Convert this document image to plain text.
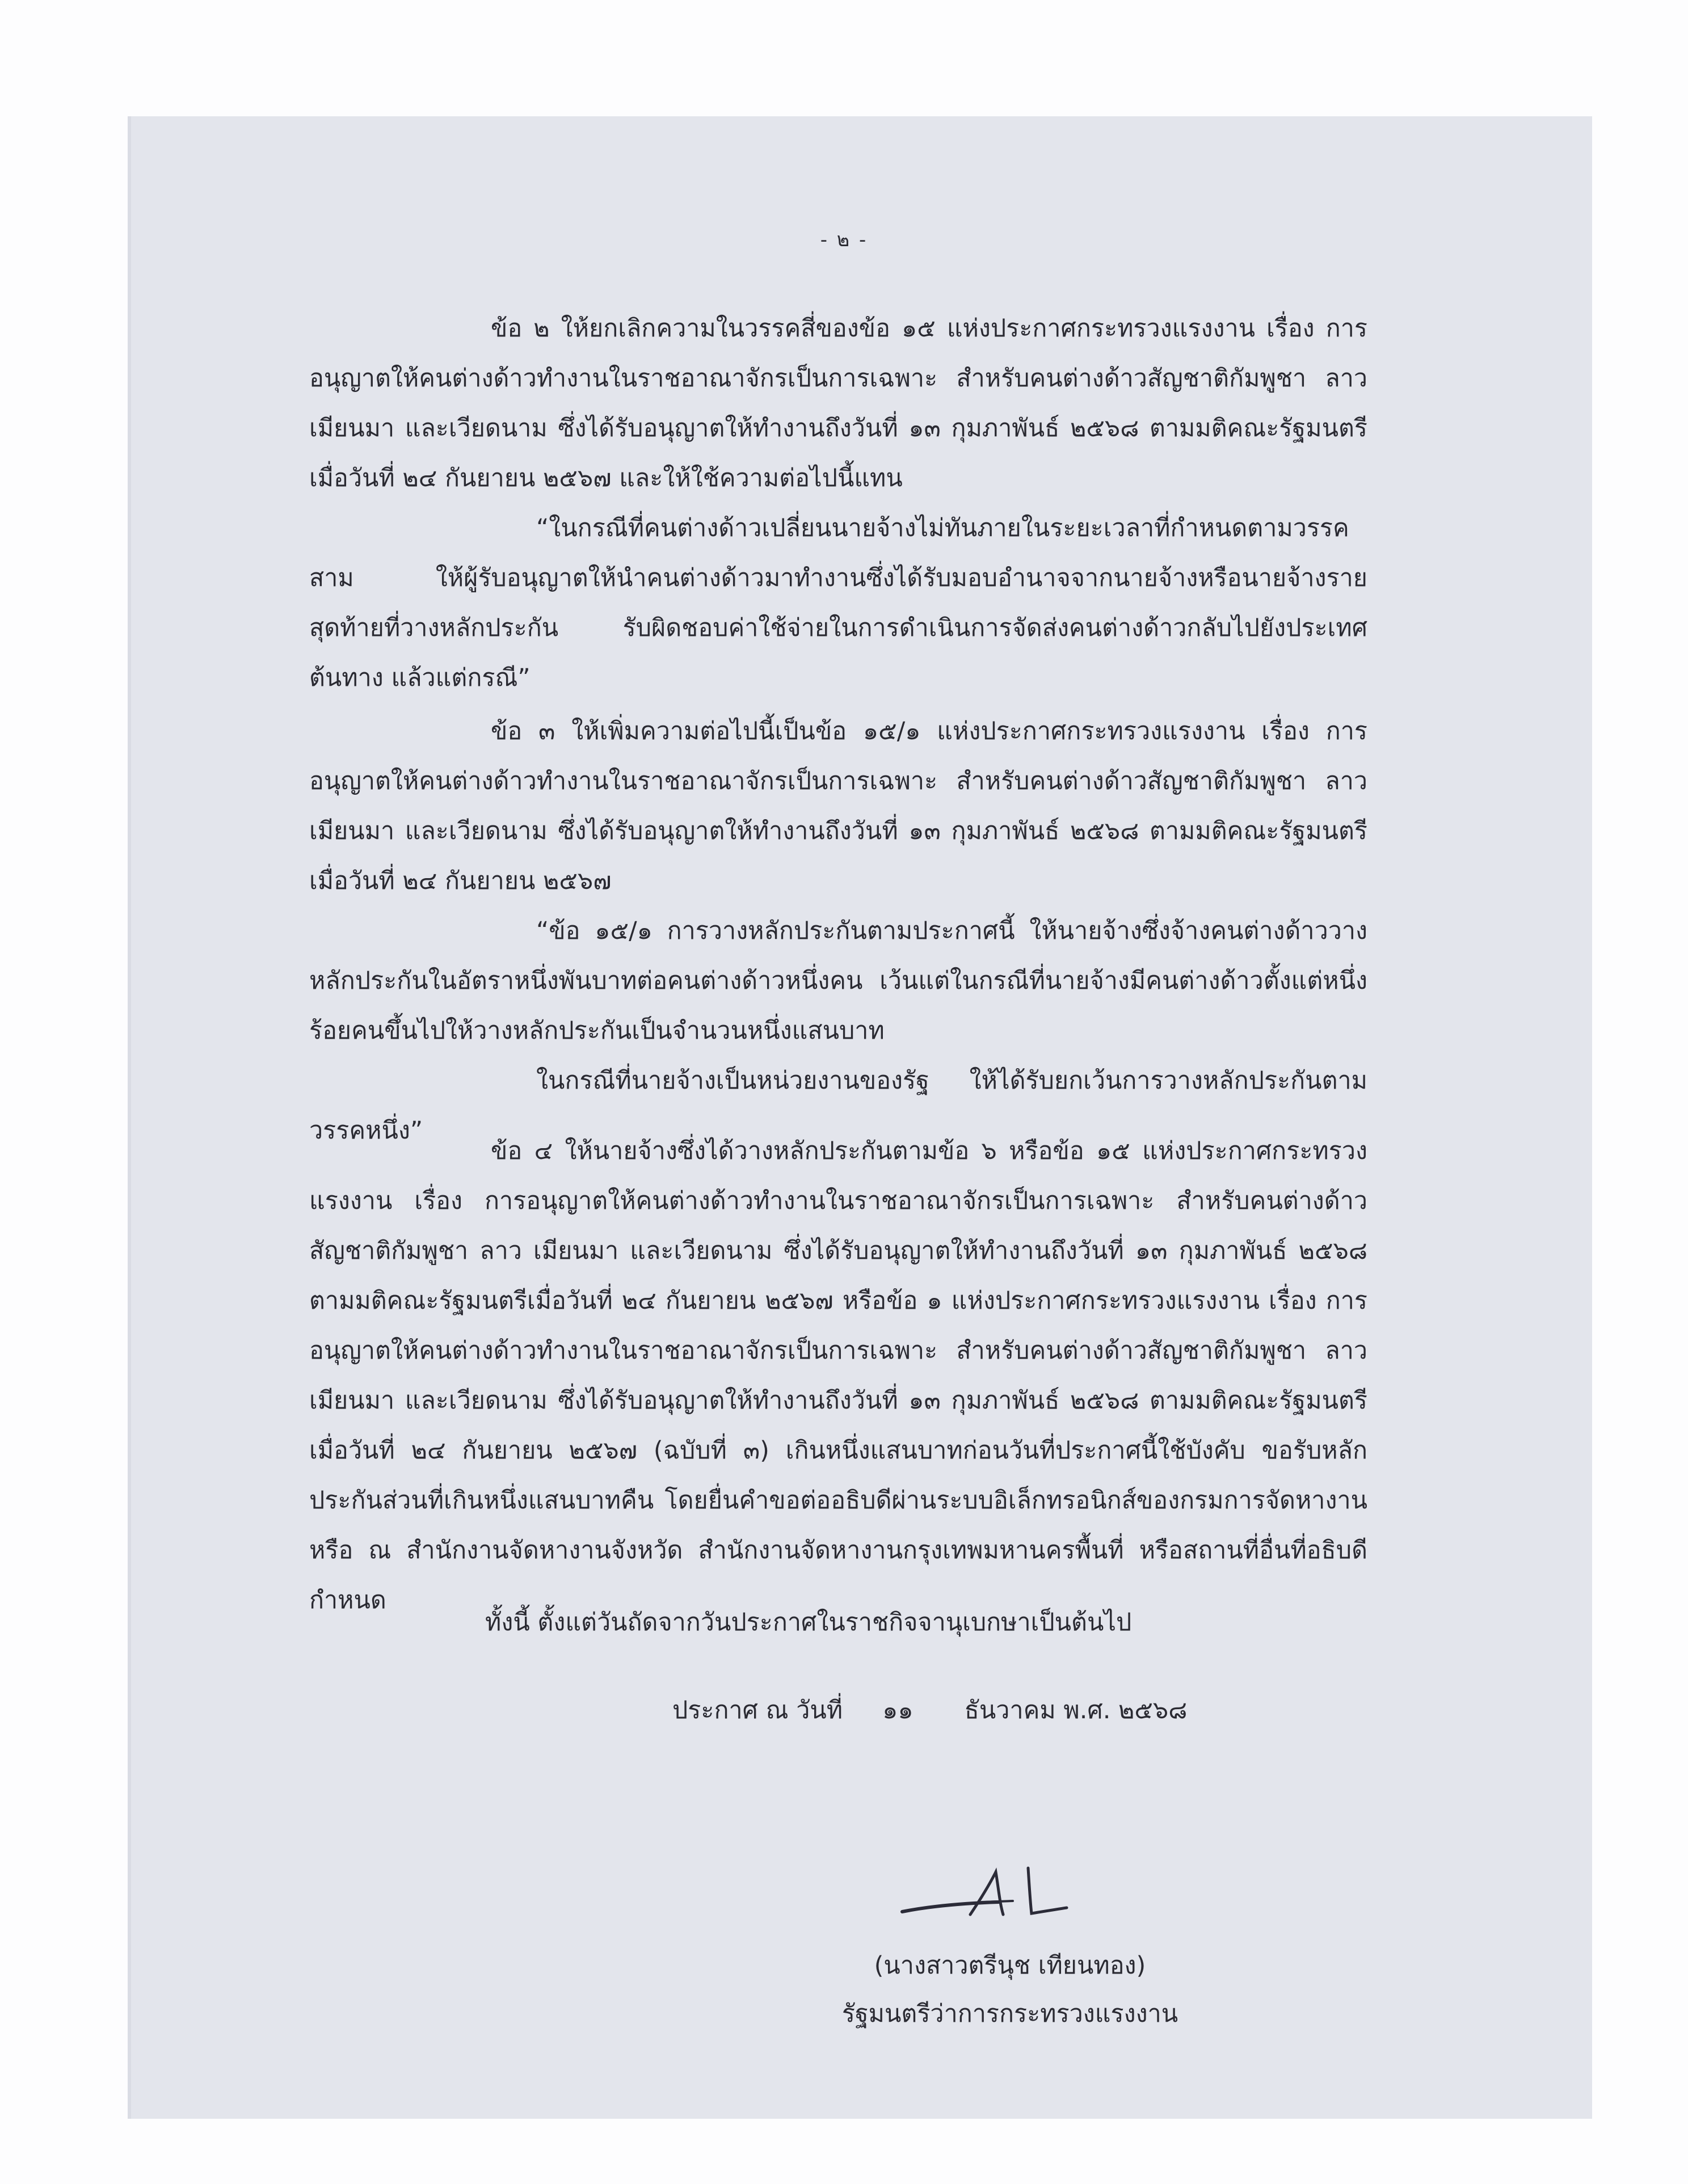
- ๒ -

ข้อ ๒ ให้ยกเลิกความในวรรคสี่ของข้อ ๑๕ แห่งประกาศกระทรวงแรงงาน เรื่อง การอนุญาตให้คนต่างด้าวทำงานในราชอาณาจักรเป็นการเฉพาะ สำหรับคนต่างด้าวสัญชาติกัมพูชา ลาว เมียนมา และเวียดนาม ซึ่งได้รับอนุญาตให้ทำงานถึงวันที่ ๑๓ กุมภาพันธ์ ๒๕๖๘ ตามมติคณะรัฐมนตรีเมื่อวันที่ ๒๔ กันยายน ๒๕๖๗ และให้ใช้ความต่อไปนี้แทน

“ในกรณีที่คนต่างด้าวเปลี่ยนนายจ้างไม่ทันภายในระยะเวลาที่กำหนดตามวรรคสาม ให้ผู้รับอนุญาตให้นำคนต่างด้าวมาทำงานซึ่งได้รับมอบอำนาจจากนายจ้างหรือนายจ้างรายสุดท้ายที่วางหลักประกัน รับผิดชอบค่าใช้จ่ายในการดำเนินการจัดส่งคนต่างด้าวกลับไปยังประเทศต้นทาง แล้วแต่กรณี”

ข้อ ๓ ให้เพิ่มความต่อไปนี้เป็นข้อ ๑๕/๑ แห่งประกาศกระทรวงแรงงาน เรื่อง การอนุญาตให้คนต่างด้าวทำงานในราชอาณาจักรเป็นการเฉพาะ สำหรับคนต่างด้าวสัญชาติกัมพูชา ลาว เมียนมา และเวียดนาม ซึ่งได้รับอนุญาตให้ทำงานถึงวันที่ ๑๓ กุมภาพันธ์ ๒๕๖๘ ตามมติคณะรัฐมนตรีเมื่อวันที่ ๒๔ กันยายน ๒๕๖๗

“ข้อ ๑๕/๑ การวางหลักประกันตามประกาศนี้ ให้นายจ้างซึ่งจ้างคนต่างด้าววางหลักประกันในอัตราหนึ่งพันบาทต่อคนต่างด้าวหนึ่งคน เว้นแต่ในกรณีที่นายจ้างมีคนต่างด้าวตั้งแต่หนึ่งร้อยคนขึ้นไปให้วางหลักประกันเป็นจำนวนหนึ่งแสนบาท

ในกรณีที่นายจ้างเป็นหน่วยงานของรัฐ ให้ได้รับยกเว้นการวางหลักประกันตามวรรคหนึ่ง”

ข้อ ๔ ให้นายจ้างซึ่งได้วางหลักประกันตามข้อ ๖ หรือข้อ ๑๕ แห่งประกาศกระทรวงแรงงาน เรื่อง การอนุญาตให้คนต่างด้าวทำงานในราชอาณาจักรเป็นการเฉพาะ สำหรับคนต่างด้าวสัญชาติกัมพูชา ลาว เมียนมา และเวียดนาม ซึ่งได้รับอนุญาตให้ทำงานถึงวันที่ ๑๓ กุมภาพันธ์ ๒๕๖๘ ตามมติคณะรัฐมนตรีเมื่อวันที่ ๒๔ กันยายน ๒๕๖๗ หรือข้อ ๑ แห่งประกาศกระทรวงแรงงาน เรื่อง การอนุญาตให้คนต่างด้าวทำงานในราชอาณาจักรเป็นการเฉพาะ สำหรับคนต่างด้าวสัญชาติกัมพูชา ลาว เมียนมา และเวียดนาม ซึ่งได้รับอนุญาตให้ทำงานถึงวันที่ ๑๓ กุมภาพันธ์ ๒๕๖๘ ตามมติคณะรัฐมนตรีเมื่อวันที่ ๒๔ กันยายน ๒๕๖๗ (ฉบับที่ ๓) เกินหนึ่งแสนบาทก่อนวันที่ประกาศนี้ใช้บังคับ ขอรับหลักประกันส่วนที่เกินหนึ่งแสนบาทคืน โดยยื่นคำขอต่ออธิบดีผ่านระบบอิเล็กทรอนิกส์ของกรมการจัดหางาน หรือ ณ สำนักงานจัดหางานจังหวัด สำนักงานจัดหางานกรุงเทพมหานครพื้นที่ หรือสถานที่อื่นที่อธิบดีกำหนด

ทั้งนี้ ตั้งแต่วันถัดจากวันประกาศในราชกิจจานุเบกษาเป็นต้นไป

ประกาศ ณ วันที่ ๑๑ ธันวาคม พ.ศ. ๒๕๖๘

(นางสาวตรีนุช เทียนทอง)

รัฐมนตรีว่าการกระทรวงแรงงาน
